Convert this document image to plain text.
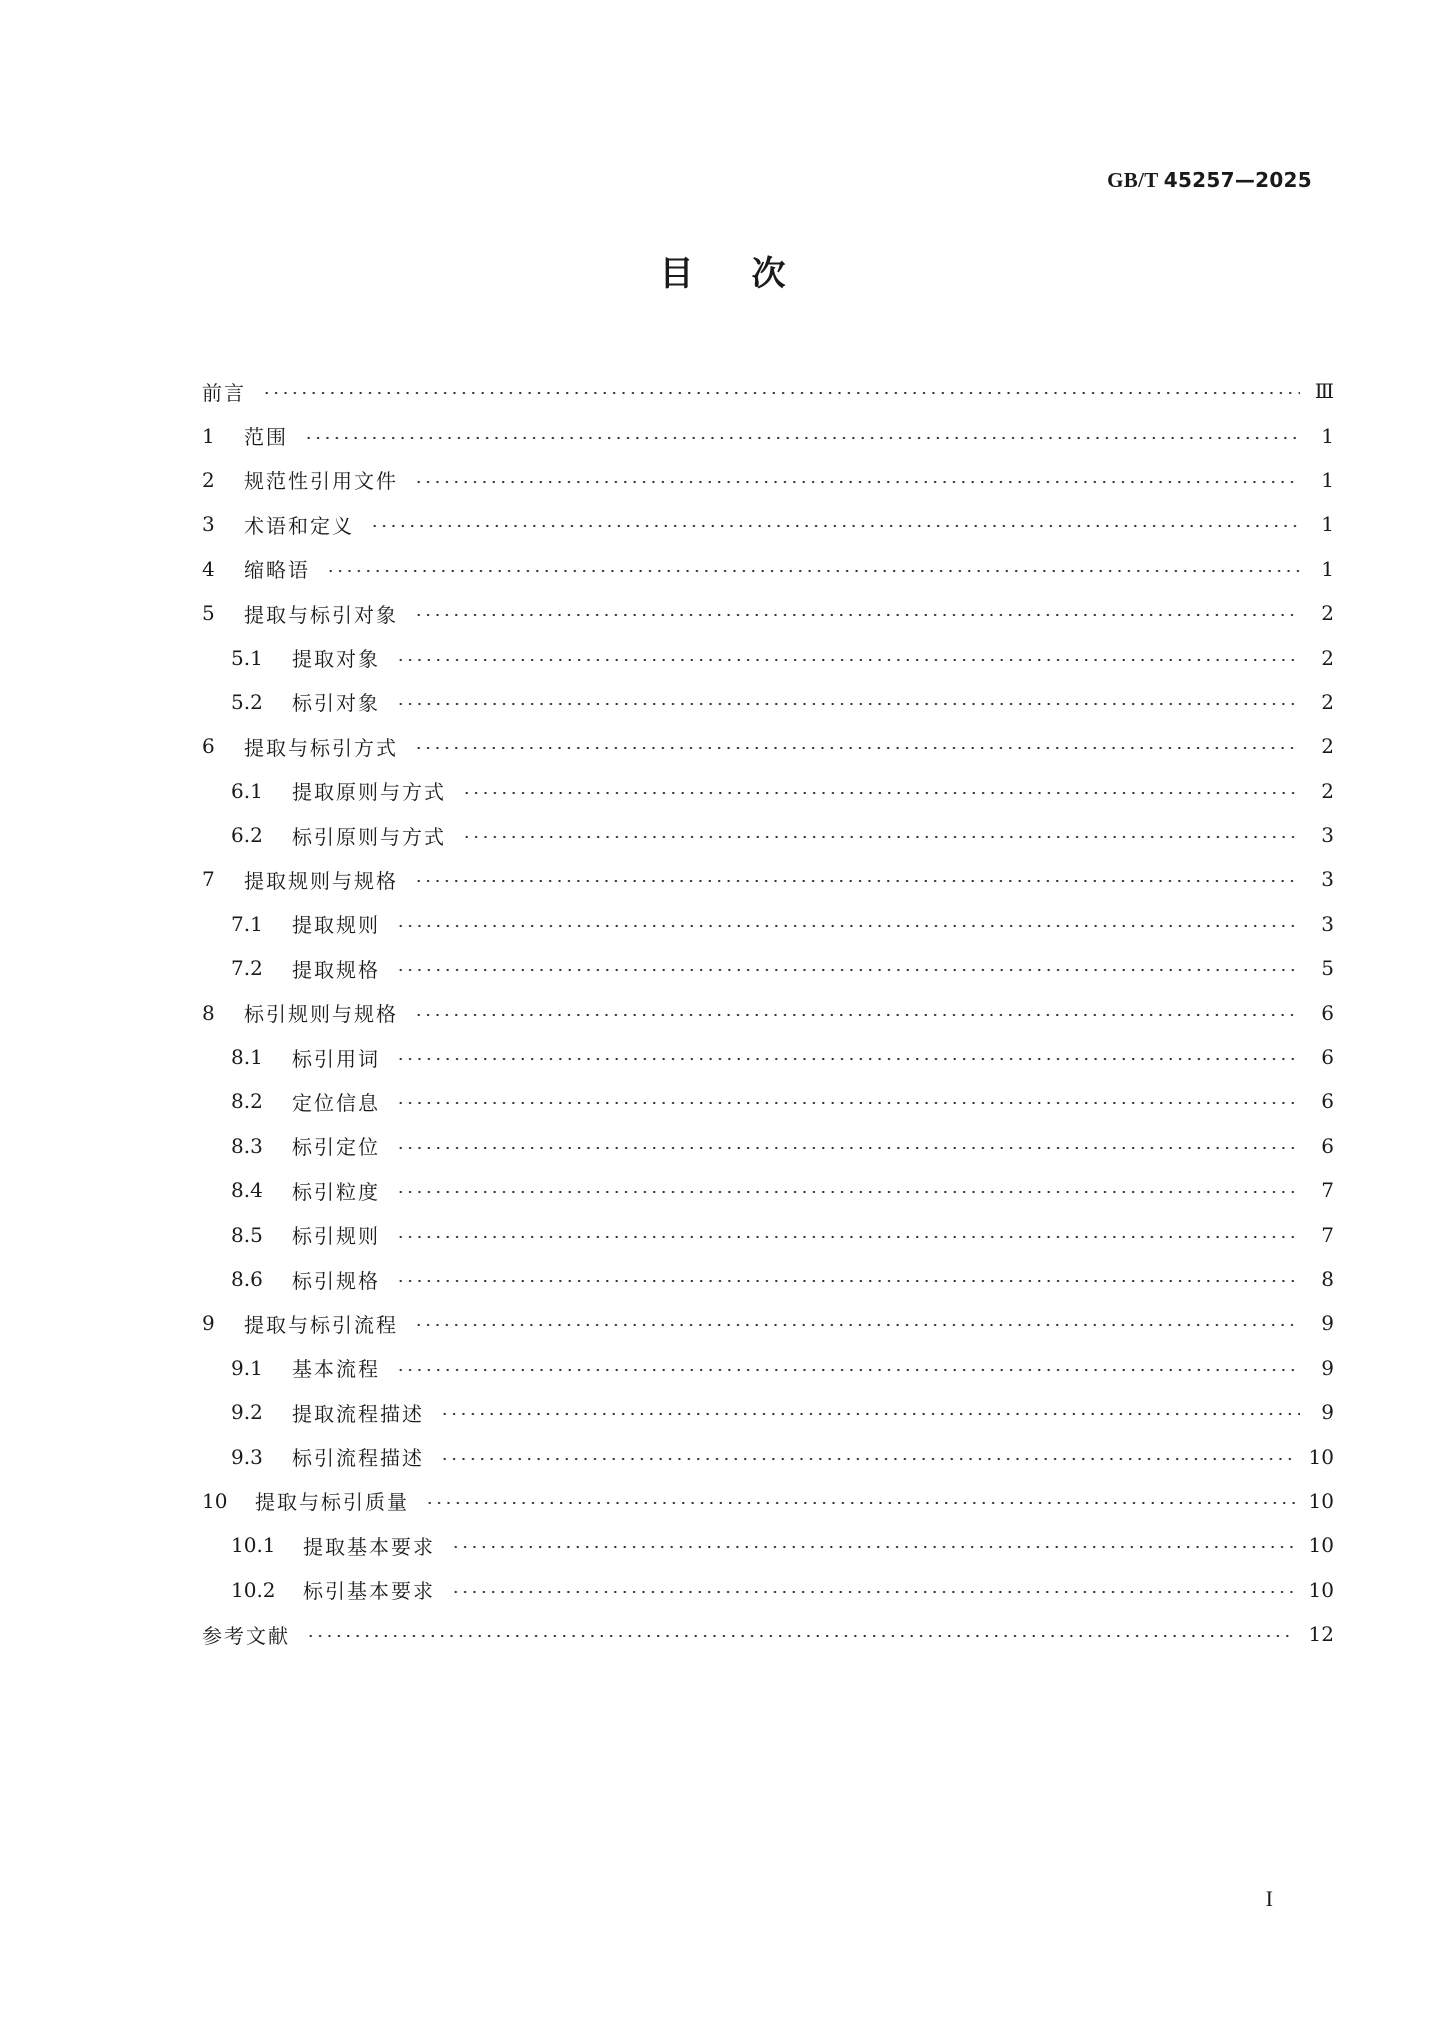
GB/T 45257—2025
目次
前言	Ⅲ
1	范围	1
2	规范性引用文件	1
3	术语和定义	1
4	缩略语	1
5	提取与标引对象	2
5.1	提取对象	2
5.2	标引对象	2
6	提取与标引方式	2
6.1	提取原则与方式	2
6.2	标引原则与方式	3
7	提取规则与规格	3
7.1	提取规则	3
7.2	提取规格	5
8	标引规则与规格	6
8.1	标引用词	6
8.2	定位信息	6
8.3	标引定位	6
8.4	标引粒度	7
8.5	标引规则	7
8.6	标引规格	8
9	提取与标引流程	9
9.1	基本流程	9
9.2	提取流程描述	9
9.3	标引流程描述	10
10	提取与标引质量	10
10.1	提取基本要求	10
10.2	标引基本要求	10
参考文献	12
I
